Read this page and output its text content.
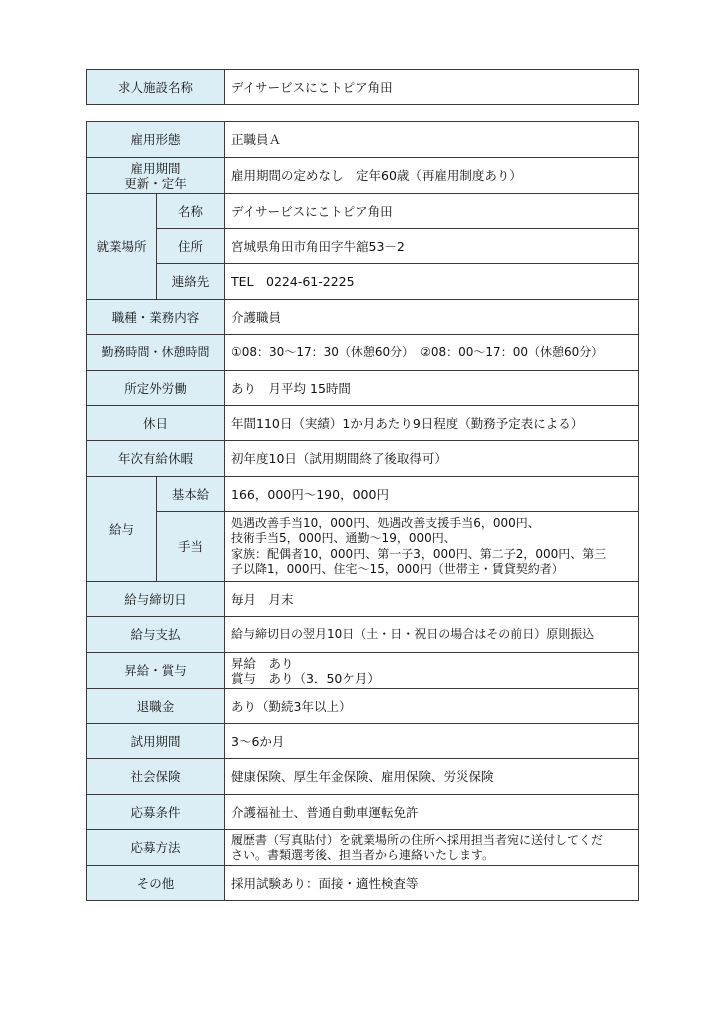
求人施設名称	デイサービスにこトピア角田
雇用形態		正職員Ａ

雇用期間
更新・定年		雇用期間の定めなし　定年60歳（再雇用制度あり）
就業場所	名称	デイサービスにこトピア角田
	住所	宮城県角田市角田字牛舘53－2
	連絡先	TEL　0224-61-2225
職種・業務内容		介護職員
勤務時間・休憩時間		①08：30～17：30（休憩60分）　②08：00～17：00（休憩60分）
所定外労働		あり　月平均 15時間
休日		年間110日（実績）1か月あたり9日程度（勤務予定表による）
年次有給休暇		初年度10日（試用期間終了後取得可）
給与	基本給	166，000円～190，000円
	手当	処遇改善手当10，000円、処遇改善支援手当6，000円、
技術手当5，000円、通勤～19，000円、
家族：配偶者10，000円、第一子3，000円、第二子2，000円、第三
子以降1，000円、住宅～15，000円（世帯主・賃貸契約者）

給与締切日		毎月　月末
給与支払		給与締切日の翌月10日（土・日・祝日の場合はその前日）原則振込
昇給・賞与		昇給　あり
賞与　あり（3．50ケ月）

退職金		あり（勤続3年以上）
試用期間		3～6か月
社会保険		健康保険、厚生年金保険、雇用保険、労災保険
応募条件		介護福祉士、普通自動車運転免許
応募方法		履歴書（写真貼付）を就業場所の住所へ採用担当者宛に送付してくだ
さい。書類選考後、担当者から連絡いたします。

その他		採用試験あり：面接・適性検査等
